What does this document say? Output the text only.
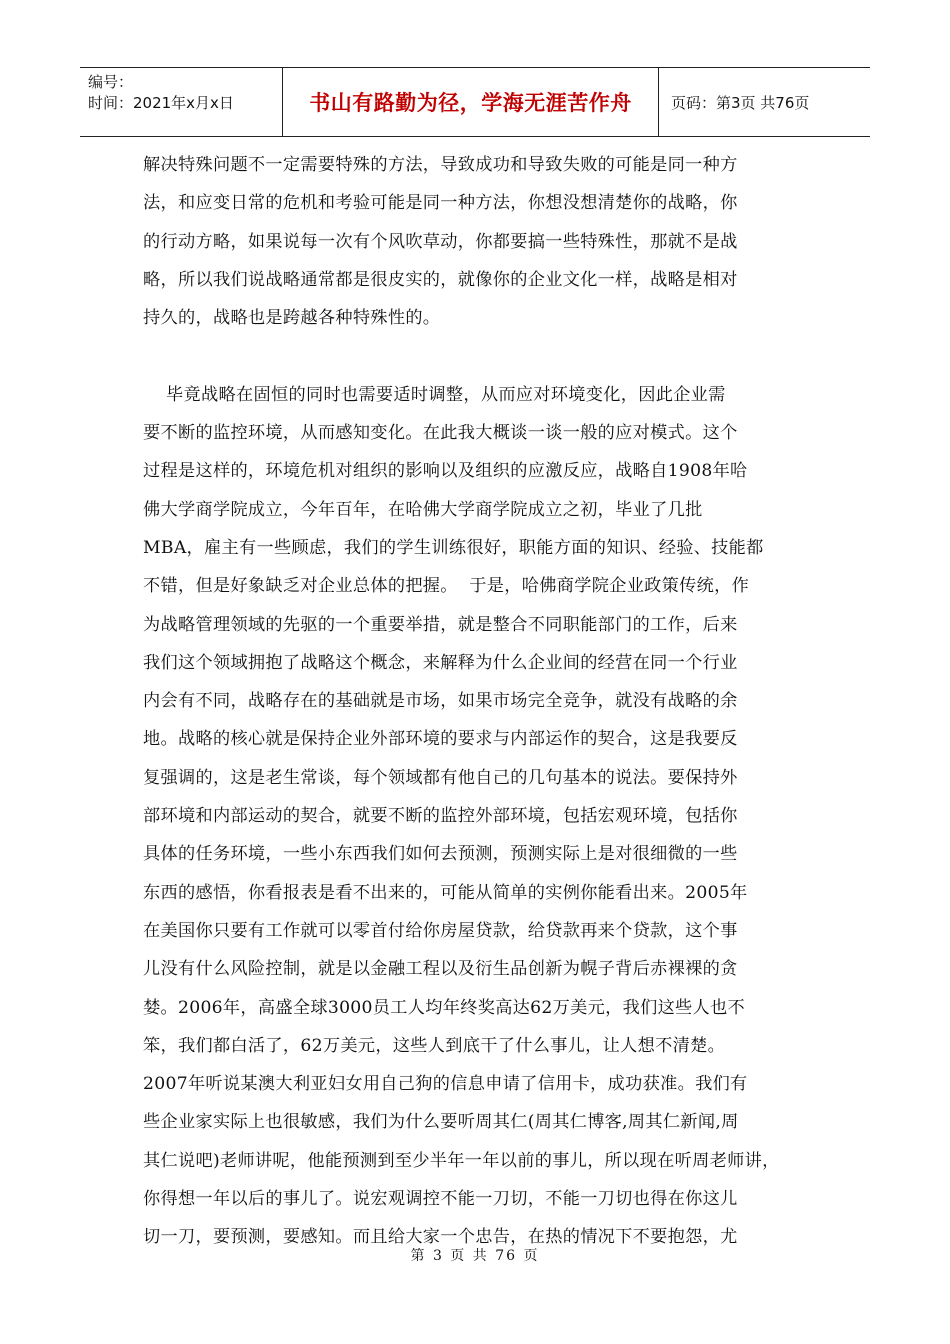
编号：
时间：2021年x月x日	书山有路勤为径，学海无涯苦作舟	页码：第3页 共76页
解决特殊问题不一定需要特殊的方法，导致成功和导致失败的可能是同一种方
法，和应变日常的危机和考验可能是同一种方法，你想没想清楚你的战略，你
的行动方略，如果说每一次有个风吹草动，你都要搞一些特殊性，那就不是战
略，所以我们说战略通常都是很皮实的，就像你的企业文化一样，战略是相对
持久的，战略也是跨越各种特殊性的。
毕竟战略在固恒的同时也需要适时调整，从而应对环境变化，因此企业需
要不断的监控环境，从而感知变化。在此我大概谈一谈一般的应对模式。这个
过程是这样的，环境危机对组织的影响以及组织的应激反应，战略自1908年哈
佛大学商学院成立，今年百年，在哈佛大学商学院成立之初，毕业了几批
MBA，雇主有一些顾虑，我们的学生训练很好，职能方面的知识、经验、技能都
不错，但是好象缺乏对企业总体的把握。  于是，哈佛商学院企业政策传统，作
为战略管理领域的先驱的一个重要举措，就是整合不同职能部门的工作，后来
我们这个领域拥抱了战略这个概念，来解释为什么企业间的经营在同一个行业
内会有不同，战略存在的基础就是市场，如果市场完全竞争，就没有战略的余
地。战略的核心就是保持企业外部环境的要求与内部运作的契合，这是我要反
复强调的，这是老生常谈，每个领域都有他自己的几句基本的说法。要保持外
部环境和内部运动的契合，就要不断的监控外部环境，包括宏观环境，包括你
具体的任务环境，一些小东西我们如何去预测，预测实际上是对很细微的一些
东西的感悟，你看报表是看不出来的，可能从简单的实例你能看出来。2005年
在美国你只要有工作就可以零首付给你房屋贷款，给贷款再来个贷款，这个事
儿没有什么风险控制，就是以金融工程以及衍生品创新为幌子背后赤裸裸的贪
婪。2006年，高盛全球3000员工人均年终奖高达62万美元，我们这些人也不
笨，我们都白活了，62万美元，这些人到底干了什么事儿，让人想不清楚。
2007年听说某澳大利亚妇女用自己狗的信息申请了信用卡，成功获准。我们有
些企业家实际上也很敏感，我们为什么要听周其仁(周其仁博客,周其仁新闻,周
其仁说吧)老师讲呢，他能预测到至少半年一年以前的事儿，所以现在听周老师讲，
你得想一年以后的事儿了。说宏观调控不能一刀切，不能一刀切也得在你这儿
切一刀，要预测，要感知。而且给大家一个忠告，在热的情况下不要抱怨，尤
第 3 页 共 76 页
